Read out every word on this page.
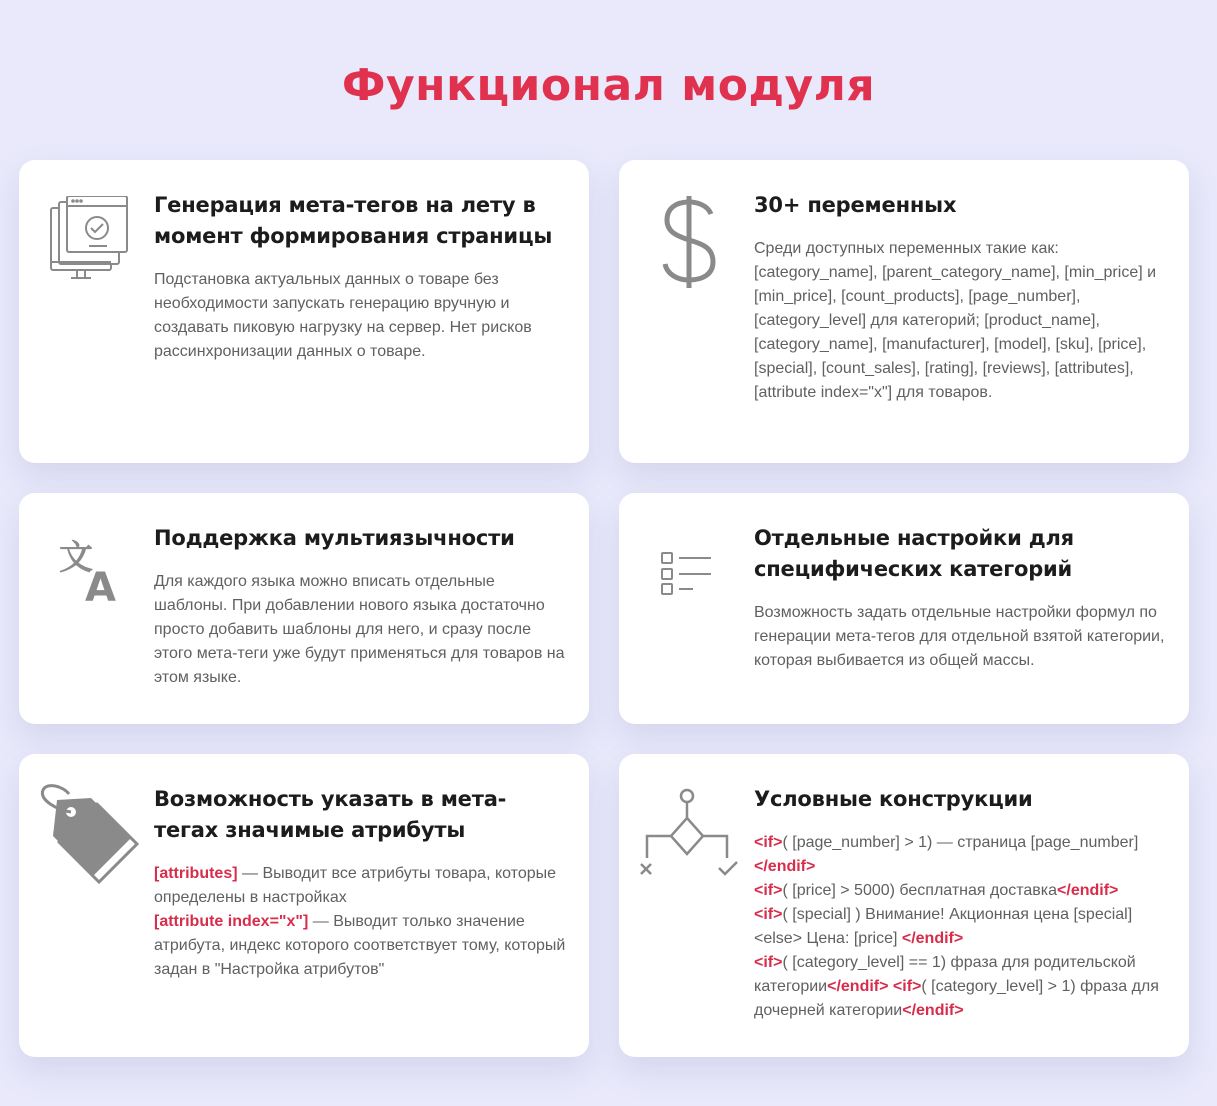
Функционал модуля
Генерация мета-тегов на лету в момент формирования страницы

Подстановка актуальных данных о товаре без необходимости запускать генерацию вручную и создавать пиковую нагрузку на сервер. Нет рисков рассинхронизации данных о товаре.

30+ переменных

Среди доступных переменных такие как: [category_name], [parent_category_name], [min_price] и [min_price], [count_products], [page_number], [category_level] для категорий; [product_name], [category_name], [manufacturer], [model], [sku], [price], [special], [count_sales], [rating], [reviews], [attributes], [attribute index="x"] для товаров.

文
A
Поддержка мультиязычности

Для каждого языка можно вписать отдельные шаблоны. При добавлении нового языка достаточно просто добавить шаблоны для него, и сразу после этого мета-теги уже будут применяться для товаров на этом языке.

Отдельные настройки для специфических категорий

Возможность задать отдельные настройки формул по генерации мета-тегов для отдельной взятой категории, которая выбивается из общей массы.

Возможность указать в мета-тегах значимые атрибуты

[attributes] — Выводит все атрибуты товара, которые определены в настройках
[attribute index="x"] — Выводит только значение атрибута, индекс которого соответствует тому, который задан в "Настройка атрибутов"

Условные конструкции

<if>( [page_number] > 1) — страница [page_number]
</endif>
<if>( [price] > 5000) бесплатная доставка</endif>
<if>( [special] ) Внимание! Акционная цена [special] <else> Цена: [price] </endif>
<if>( [category_level] == 1) фраза для родительской категории</endif> <if>( [category_level] > 1) фраза для дочерней категории</endif>
